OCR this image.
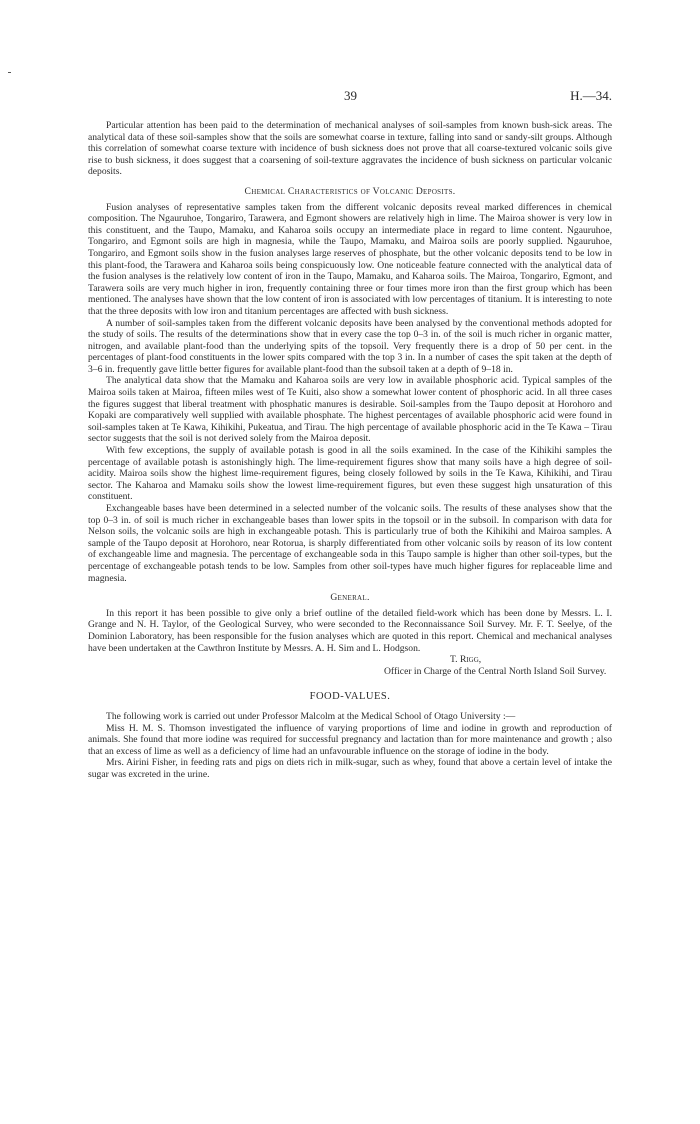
39	H.—34.

Particular attention has been paid to the determination of mechanical analyses of soil-samples from known bush-sick areas. The analytical data of these soil-samples show that the soils are somewhat coarse in texture, falling into sand or sandy-silt groups. Although this correlation of somewhat coarse texture with incidence of bush sickness does not prove that all coarse-textured volcanic soils give rise to bush sickness, it does suggest that a coarsening of soil-texture aggravates the incidence of bush sickness on particular volcanic deposits.

Chemical Characteristics of Volcanic Deposits.

Fusion analyses of representative samples taken from the different volcanic deposits reveal marked differences in chemical composition. The Ngauruhoe, Tongariro, Tarawera, and Egmont showers are relatively high in lime. The Mairoa shower is very low in this constituent, and the Taupo, Mamaku, and Kaharoa soils occupy an intermediate place in regard to lime content. Ngauruhoe, Tongariro, and Egmont soils are high in magnesia, while the Taupo, Mamaku, and Mairoa soils are poorly supplied. Ngauruhoe, Tongariro, and Egmont soils show in the fusion analyses large reserves of phosphate, but the other volcanic deposits tend to be low in this plant-food, the Tarawera and Kaharoa soils being conspicuously low. One noticeable feature connected with the analytical data of the fusion analyses is the relatively low content of iron in the Taupo, Mamaku, and Kaharoa soils. The Mairoa, Tongariro, Egmont, and Tarawera soils are very much higher in iron, frequently containing three or four times more iron than the first group which has been mentioned. The analyses have shown that the low content of iron is associated with low percentages of titanium. It is interesting to note that the three deposits with low iron and titanium percentages are affected with bush sickness.

A number of soil-samples taken from the different volcanic deposits have been analysed by the conventional methods adopted for the study of soils. The results of the determinations show that in every case the top 0–3 in. of the soil is much richer in organic matter, nitrogen, and available plant-food than the underlying spits of the topsoil. Very frequently there is a drop of 50 per cent. in the percentages of plant-food constituents in the lower spits compared with the top 3 in. In a number of cases the spit taken at the depth of 3–6 in. frequently gave little better figures for available plant-food than the subsoil taken at a depth of 9–18 in.

The analytical data show that the Mamaku and Kaharoa soils are very low in available phosphoric acid. Typical samples of the Mairoa soils taken at Mairoa, fifteen miles west of Te Kuiti, also show a somewhat lower content of phosphoric acid. In all three cases the figures suggest that liberal treatment with phosphatic manures is desirable. Soil-samples from the Taupo deposit at Horohoro and Kopaki are comparatively well supplied with available phosphate. The highest percentages of available phosphoric acid were found in soil-samples taken at Te Kawa, Kihikihi, Pukeatua, and Tirau. The high percentage of available phosphoric acid in the Te Kawa – Tirau sector suggests that the soil is not derived solely from the Mairoa deposit.

With few exceptions, the supply of available potash is good in all the soils examined. In the case of the Kihikihi samples the percentage of available potash is astonishingly high. The lime-requirement figures show that many soils have a high degree of soil-acidity. Mairoa soils show the highest lime-requirement figures, being closely followed by soils in the Te Kawa, Kihikihi, and Tirau sector. The Kaharoa and Mamaku soils show the lowest lime-requirement figures, but even these suggest high unsaturation of this constituent.

Exchangeable bases have been determined in a selected number of the volcanic soils. The results of these analyses show that the top 0–3 in. of soil is much richer in exchangeable bases than lower spits in the topsoil or in the subsoil. In comparison with data for Nelson soils, the volcanic soils are high in exchangeable potash. This is particularly true of both the Kihikihi and Mairoa samples. A sample of the Taupo deposit at Horohoro, near Rotorua, is sharply differentiated from other volcanic soils by reason of its low content of exchangeable lime and magnesia. The percentage of exchangeable soda in this Taupo sample is higher than other soil-types, but the percentage of exchangeable potash tends to be low. Samples from other soil-types have much higher figures for replaceable lime and magnesia.

General.

In this report it has been possible to give only a brief outline of the detailed field-work which has been done by Messrs. L. I. Grange and N. H. Taylor, of the Geological Survey, who were seconded to the Reconnaissance Soil Survey. Mr. F. T. Seelye, of the Dominion Laboratory, has been responsible for the fusion analyses which are quoted in this report. Chemical and mechanical analyses have been undertaken at the Cawthron Institute by Messrs. A. H. Sim and L. Hodgson.

T. Rigg,
Officer in Charge of the Central North Island Soil Survey.
FOOD-VALUES.

The following work is carried out under Professor Malcolm at the Medical School of Otago University :—

Miss H. M. S. Thomson investigated the influence of varying proportions of lime and iodine in growth and reproduction of animals. She found that more iodine was required for successful pregnancy and lactation than for more maintenance and growth ; also that an excess of lime as well as a deficiency of lime had an unfavourable influence on the storage of iodine in the body.

Mrs. Airini Fisher, in feeding rats and pigs on diets rich in milk-sugar, such as whey, found that above a certain level of intake the sugar was excreted in the urine.
